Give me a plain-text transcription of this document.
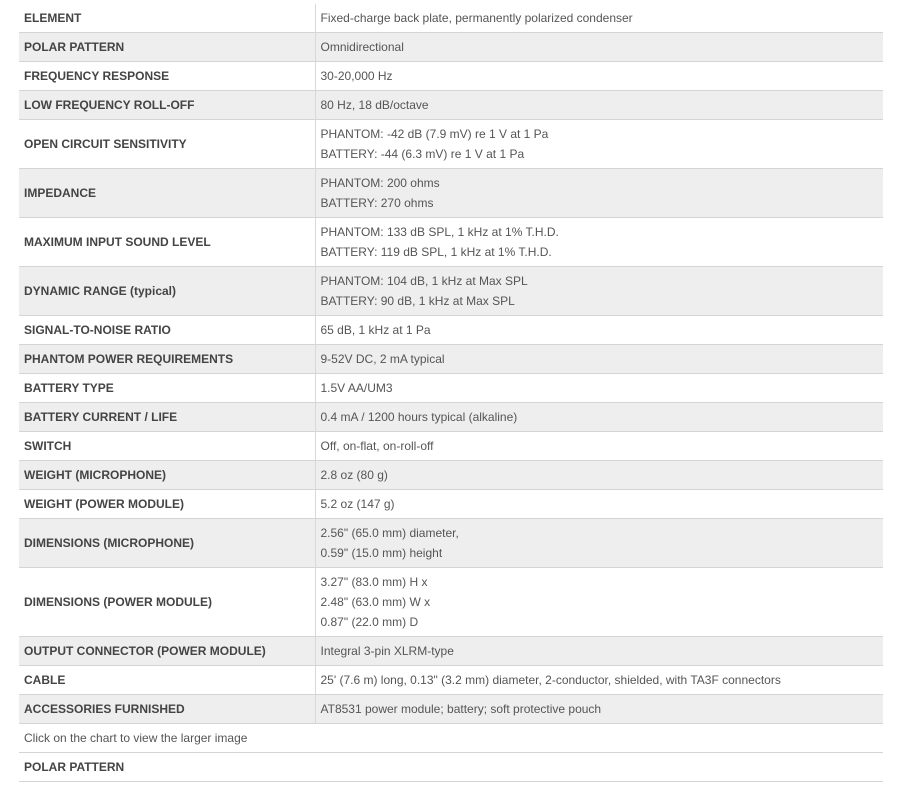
ELEMENT	Fixed-charge back plate, permanently polarized condenser

POLAR PATTERN	Omnidirectional

FREQUENCY RESPONSE	30-20,000 Hz

LOW FREQUENCY ROLL-OFF	80 Hz, 18 dB/octave

OPEN CIRCUIT SENSITIVITY	PHANTOM: -42 dB (7.9 mV) re 1 V at 1 Pa
BATTERY: -44 (6.3 mV) re 1 V at 1 Pa

IMPEDANCE	PHANTOM: 200 ohms
BATTERY: 270 ohms

MAXIMUM INPUT SOUND LEVEL	PHANTOM: 133 dB SPL, 1 kHz at 1% T.H.D.
BATTERY: 119 dB SPL, 1 kHz at 1% T.H.D.

DYNAMIC RANGE (typical)	PHANTOM: 104 dB, 1 kHz at Max SPL
BATTERY: 90 dB, 1 kHz at Max SPL

SIGNAL-TO-NOISE RATIO	65 dB, 1 kHz at 1 Pa

PHANTOM POWER REQUIREMENTS	9-52V DC, 2 mA typical

BATTERY TYPE	1.5V AA/UM3

BATTERY CURRENT / LIFE	0.4 mA / 1200 hours typical (alkaline)

SWITCH	Off, on-flat, on-roll-off

WEIGHT (MICROPHONE)	2.8 oz (80 g)

WEIGHT (POWER MODULE)	5.2 oz (147 g)

DIMENSIONS (MICROPHONE)	2.56" (65.0 mm) diameter,
0.59" (15.0 mm) height

DIMENSIONS (POWER MODULE)	3.27" (83.0 mm) H x
2.48" (63.0 mm) W x
0.87" (22.0 mm) D

OUTPUT CONNECTOR (POWER MODULE)	Integral 3-pin XLRM-type

CABLE	25' (7.6 m) long, 0.13" (3.2 mm) diameter, 2-conductor, shielded, with TA3F connectors

ACCESSORIES FURNISHED	AT8531 power module; battery; soft protective pouch

Click on the chart to view the larger image	
POLAR PATTERN	
